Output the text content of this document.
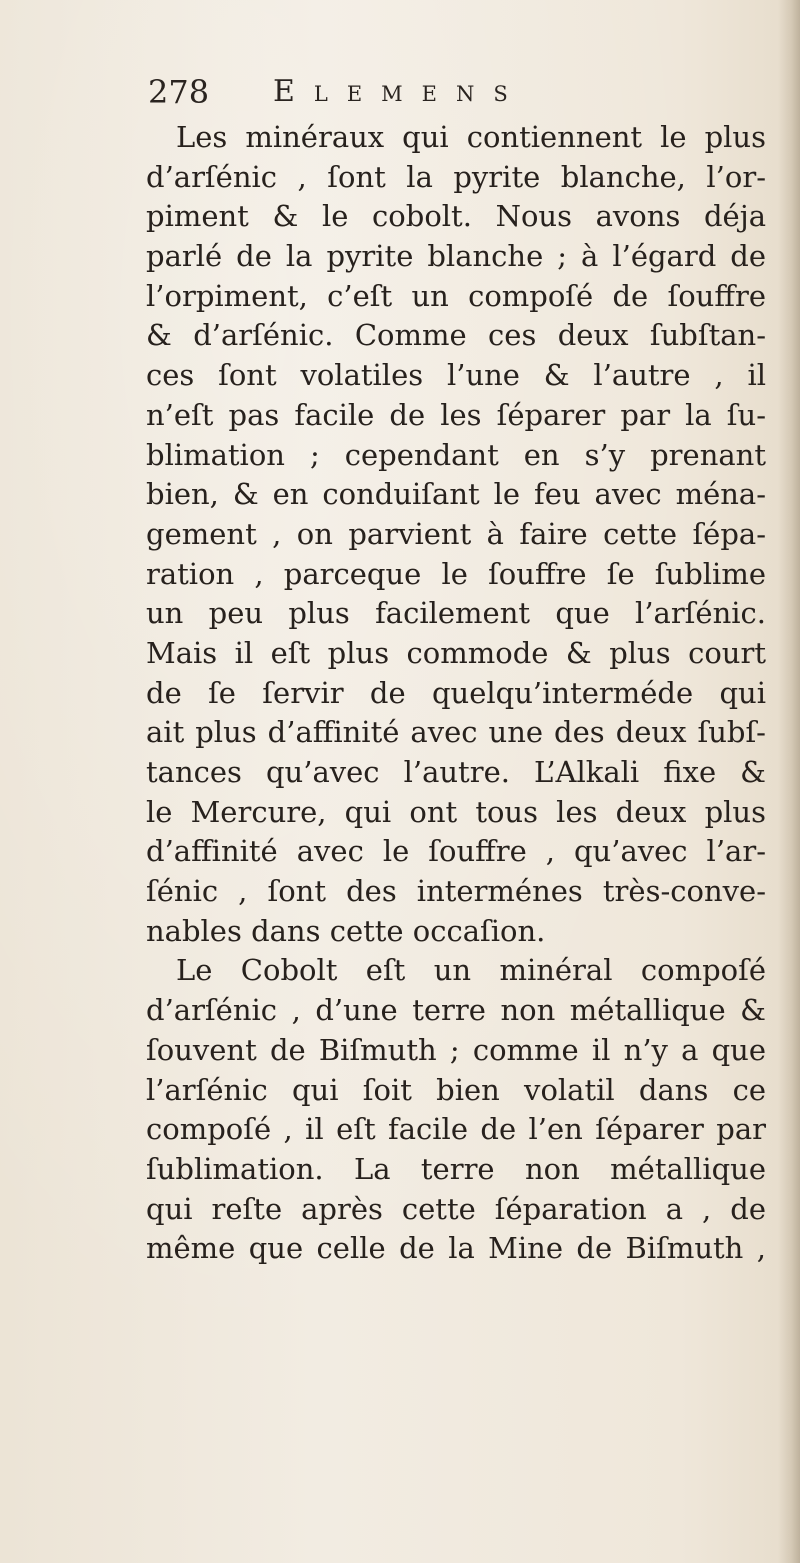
278 Elemens
Les minéraux qui contiennent le plus
d’arſénic , ſont la pyrite blanche, l’or-
piment & le cobolt. Nous avons déja
parlé de la pyrite blanche ; à l’égard de
l’orpiment, c’eſt un compoſé de ſouffre
& d’arſénic. Comme ces deux ſubſtan-
ces ſont volatiles l’une & l’autre , il
n’eſt pas facile de les ſéparer par la ſu-
blimation ; cependant en s’y prenant
bien, & en conduiſant le feu avec ména-
gement , on parvient à faire cette ſépa-
ration , parceque le ſouffre ſe ſublime
un peu plus facilement que l’arſénic.
Mais il eſt plus commode & plus court
de ſe ſervir de quelqu’interméde qui
ait plus d’affinité avec une des deux ſubſ-
tances qu’avec l’autre. L’Alkali fixe &
le Mercure, qui ont tous les deux plus
d’affinité avec le ſouffre , qu’avec l’ar-
ſénic , ſont des interménes très-conve-
nables dans cette occaſion.
Le Cobolt eſt un minéral compoſé
d’arſénic , d’une terre non métallique &
ſouvent de Biſmuth ; comme il n’y a que
l’arſénic qui ſoit bien volatil dans ce
compoſé , il eſt facile de l’en ſéparer par
ſublimation. La terre non métallique
qui reſte après cette ſéparation a , de
même que celle de la Mine de Biſmuth ,
